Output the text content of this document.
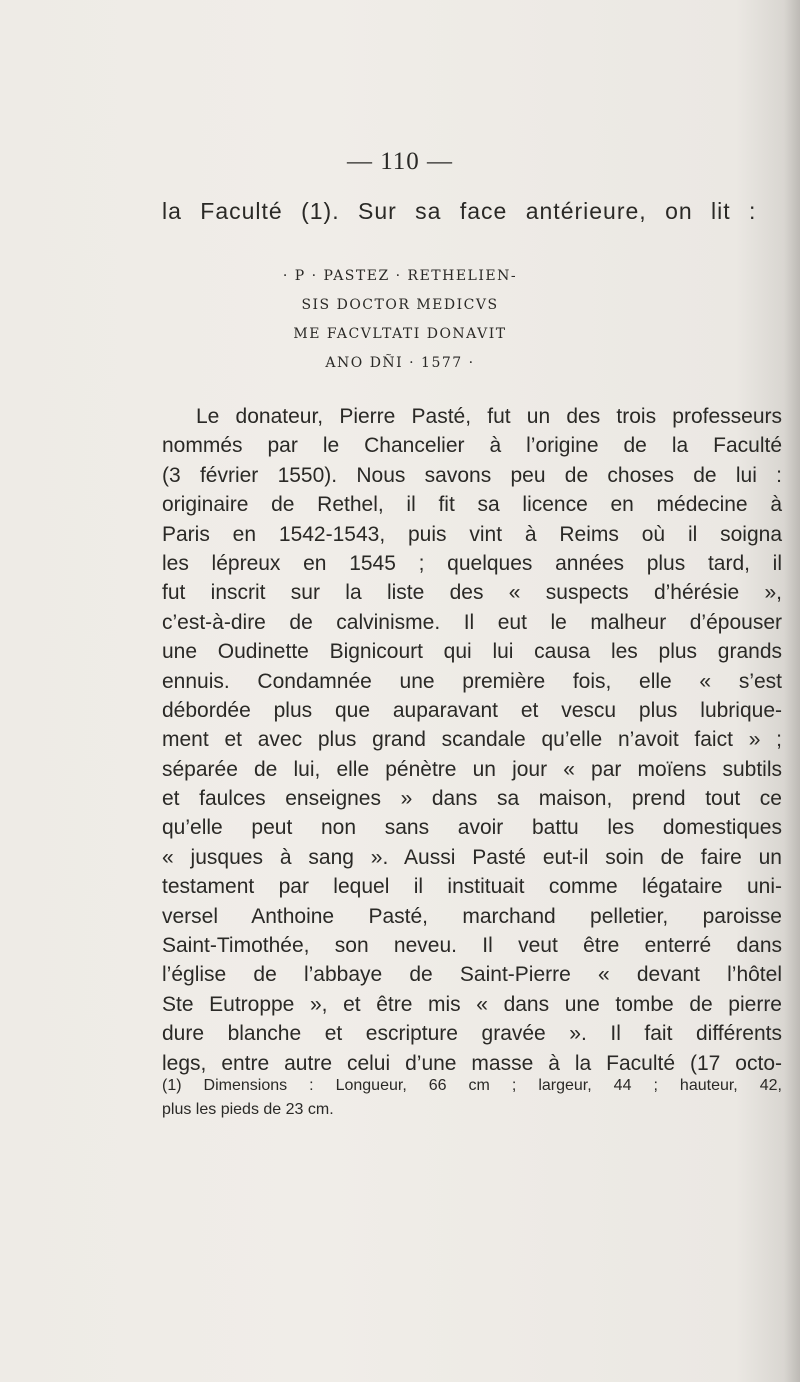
— 110 —
la Faculté (1). Sur sa face antérieure, on lit :
· P · PASTEZ · RETHELIEN-
SIS DOCTOR MEDICVS
ME FACVLTATI DONAVIT
ANO DÑI · 1577 ·
Le donateur, Pierre Pasté, fut un des trois professeurs
nommés par le Chancelier à l’origine de la Faculté
(3 février 1550). Nous savons peu de choses de lui :
originaire de Rethel, il fit sa licence en médecine à
Paris en 1542-1543, puis vint à Reims où il soigna
les lépreux en 1545 ; quelques années plus tard, il
fut inscrit sur la liste des « suspects d’hérésie »,
c’est-à-dire de calvinisme. Il eut le malheur d’épouser
une Oudinette Bignicourt qui lui causa les plus grands
ennuis. Condamnée une première fois, elle « s’est
débordée plus que auparavant et vescu plus lubrique-
ment et avec plus grand scandale qu’elle n’avoit faict » ;
séparée de lui, elle pénètre un jour « par moïens subtils
et faulces enseignes » dans sa maison, prend tout ce
qu’elle peut non sans avoir battu les domestiques
« jusques à sang ». Aussi Pasté eut-il soin de faire un
testament par lequel il instituait comme légataire uni-
versel Anthoine Pasté, marchand pelletier, paroisse
Saint-Timothée, son neveu. Il veut être enterré dans
l’église de l’abbaye de Saint-Pierre « devant l’hôtel
Ste Eutroppe », et être mis « dans une tombe de pierre
dure blanche et escripture gravée ». Il fait différents
legs, entre autre celui d’une masse à la Faculté (17 octo-
(1) Dimensions : Longueur, 66 cm ; largeur, 44 ; hauteur, 42,
plus les pieds de 23 cm.
